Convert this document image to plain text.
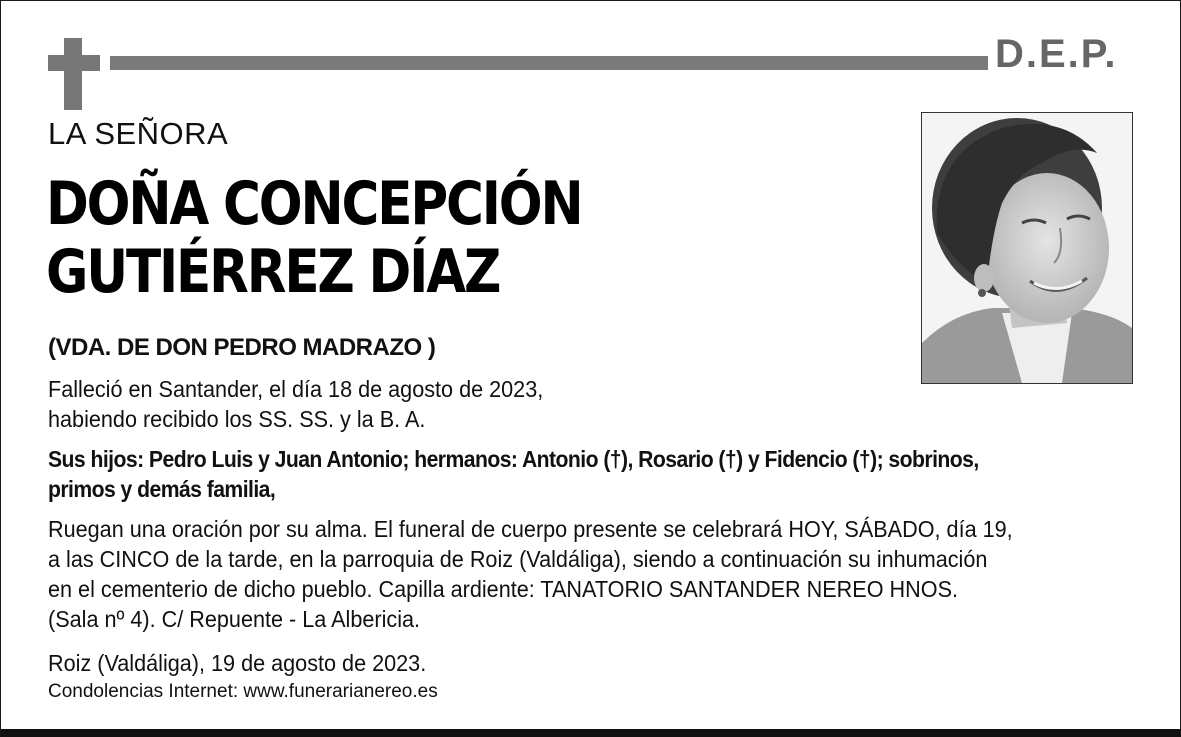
D.E.P.
LA SEÑORA
DOÑA CONCEPCIÓN
GUTIÉRREZ DÍAZ
(VDA. DE DON PEDRO MADRAZO )
Falleció en Santander, el día 18 de agosto de 2023,
habiendo recibido los SS. SS. y la B. A.
Sus hijos: Pedro Luis y Juan Antonio; hermanos: Antonio (†), Rosario (†) y Fidencio (†); sobrinos,
primos y demás familia,
Ruegan una oración por su alma. El funeral de cuerpo presente se celebrará HOY, SÁBADO, día 19,
a las CINCO de la tarde, en la parroquia de Roiz (Valdáliga), siendo a continuación su inhumación
en el cementerio de dicho pueblo. Capilla ardiente: TANATORIO SANTANDER NEREO HNOS.
(Sala nº 4). C/ Repuente - La Albericia.
Roiz (Valdáliga), 19 de agosto de 2023.
Condolencias Internet: www.funerarianereo.es
